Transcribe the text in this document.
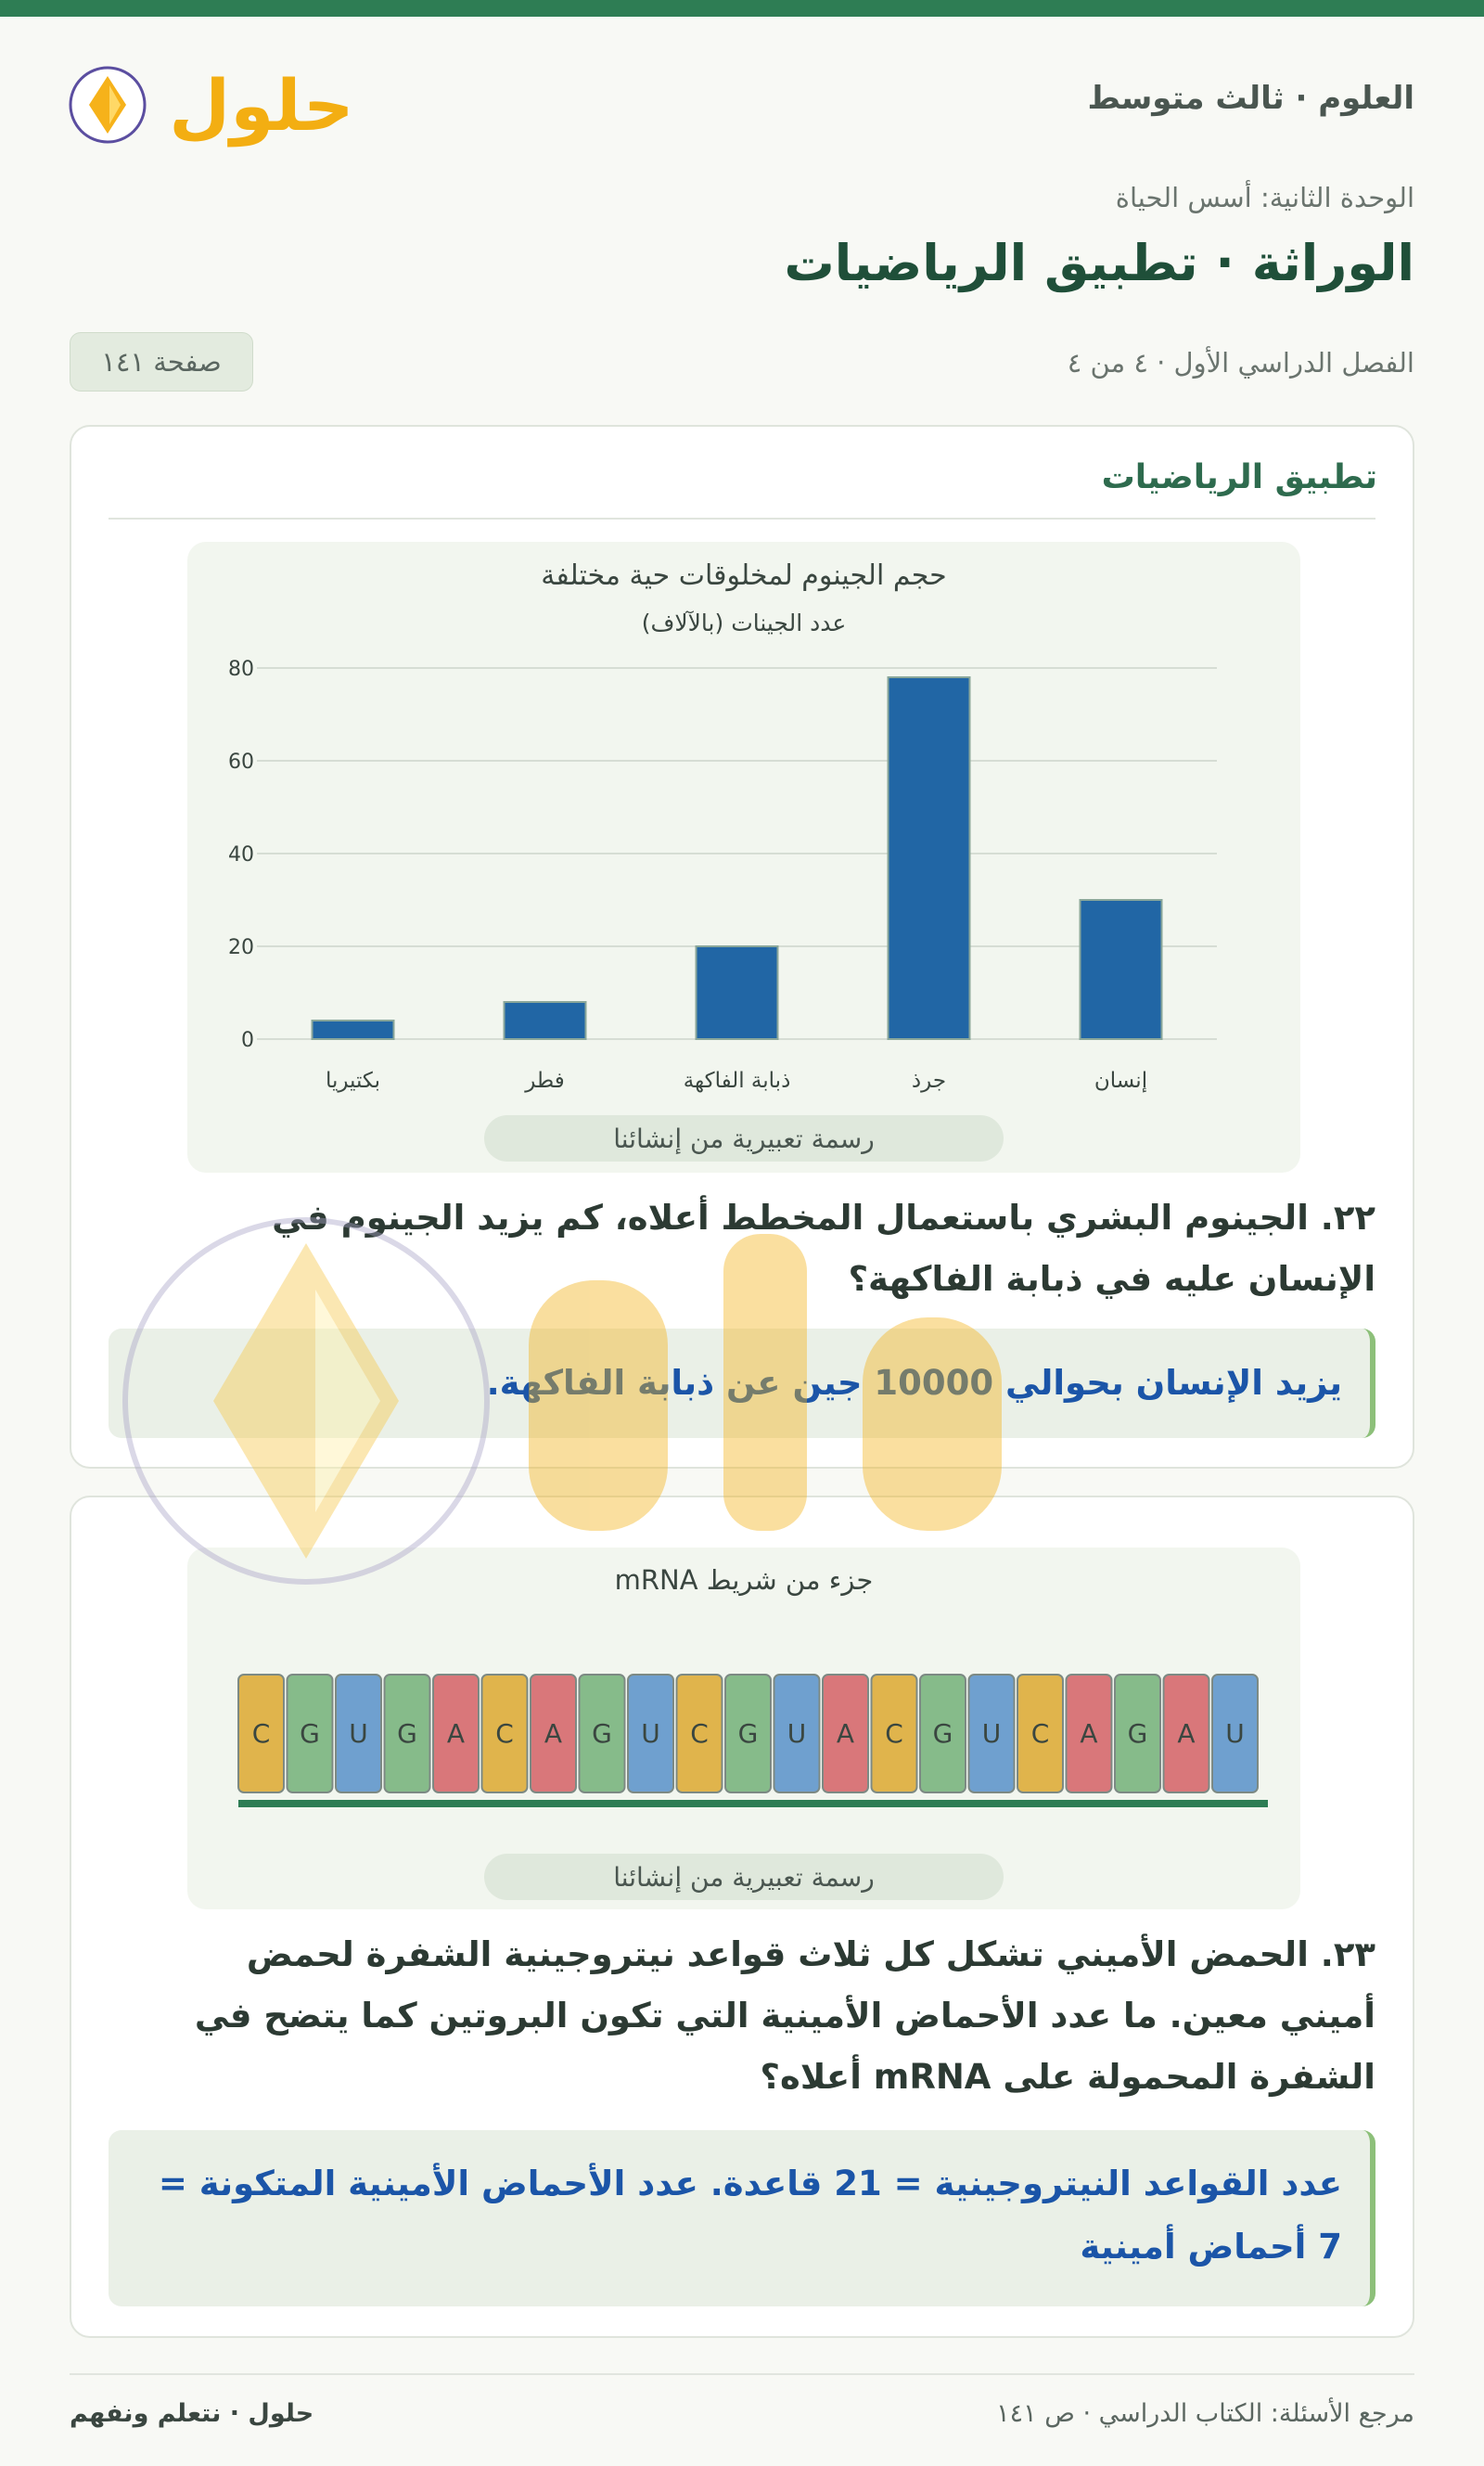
حلول	العلوم · ثالث متوسط
الوحدة الثانية: أسس الحياة
الوراثة · تطبيق الرياضيات
الفصل الدراسي الأول · ٤ من ٤
صفحة ١٤١
تطبيق الرياضيات
حجم الجينوم لمخلوقات حية مختلفة
عدد الجينات (بالآلاف)
0
20
40
60
80
بكتيريا	فطر	ذبابة الفاكهة	جرذ	إنسان
رسمة تعبيرية من إنشائنا
٢٢. الجينوم البشري باستعمال المخطط أعلاه، كم يزيد الجينوم في الإنسان عليه في ذبابة الفاكهة؟
يزيد الإنسان بحوالي 10000 جين عن ذبابة الفاكهة.
جزء من شريط mRNA
C G U G A C A G U C G U A C G U C A G A U
رسمة تعبيرية من إنشائنا
٢٣. الحمض الأميني تشكل كل ثلاث قواعد نيتروجينية الشفرة لحمض أميني معين. ما عدد الأحماض الأمينية التي تكون البروتين كما يتضح في الشفرة المحمولة على mRNA أعلاه؟
عدد القواعد النيتروجينية = 21 قاعدة. عدد الأحماض الأمينية المتكونة = 7 أحماض أمينية
مرجع الأسئلة: الكتاب الدراسي · ص ١٤١
حلول · نتعلم ونفهم
